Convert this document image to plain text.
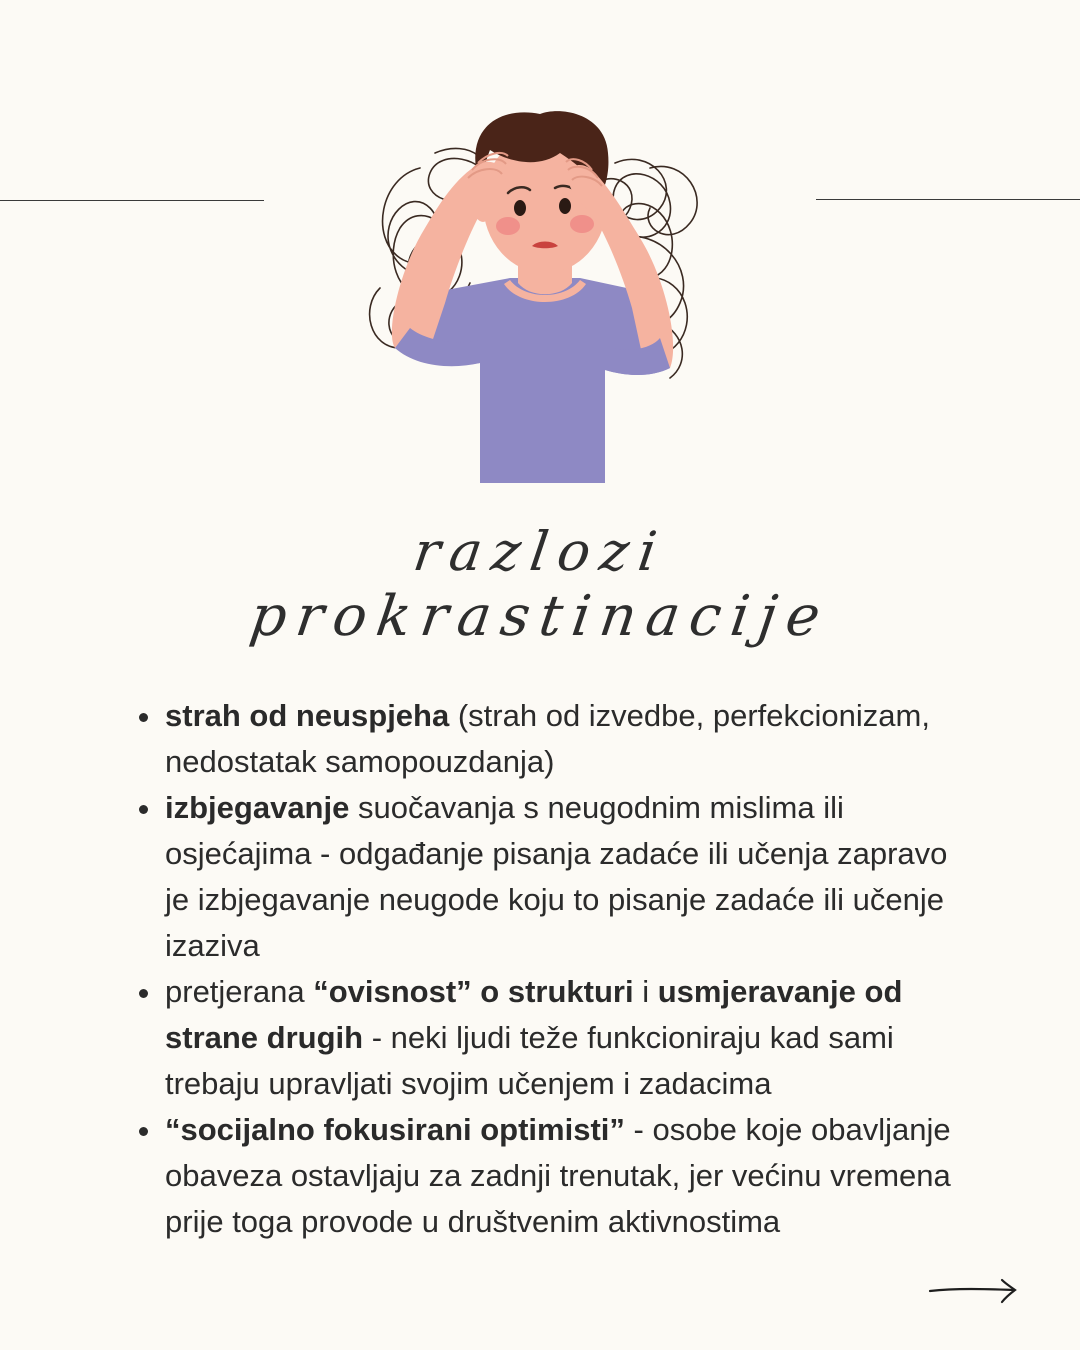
razlozi
prokrastinacije
strah od neuspjeha (strah od izvedbe, perfekcionizam, nedostatak samopouzdanja)
izbjegavanje suočavanja s neugodnim mislima ili osjećajima - odgađanje pisanja zadaće ili učenja zapravo je izbjegavanje neugode koju to pisanje zadaće ili učenje izaziva
pretjerana “ovisnost” o strukturi i usmjeravanje od strane drugih - neki ljudi teže funkcioniraju kad sami trebaju upravljati svojim učenjem i zadacima
“socijalno fokusirani optimisti” - osobe koje obavljanje obaveza ostavljaju za zadnji trenutak, jer većinu vremena prije toga provode u društvenim aktivnostima
